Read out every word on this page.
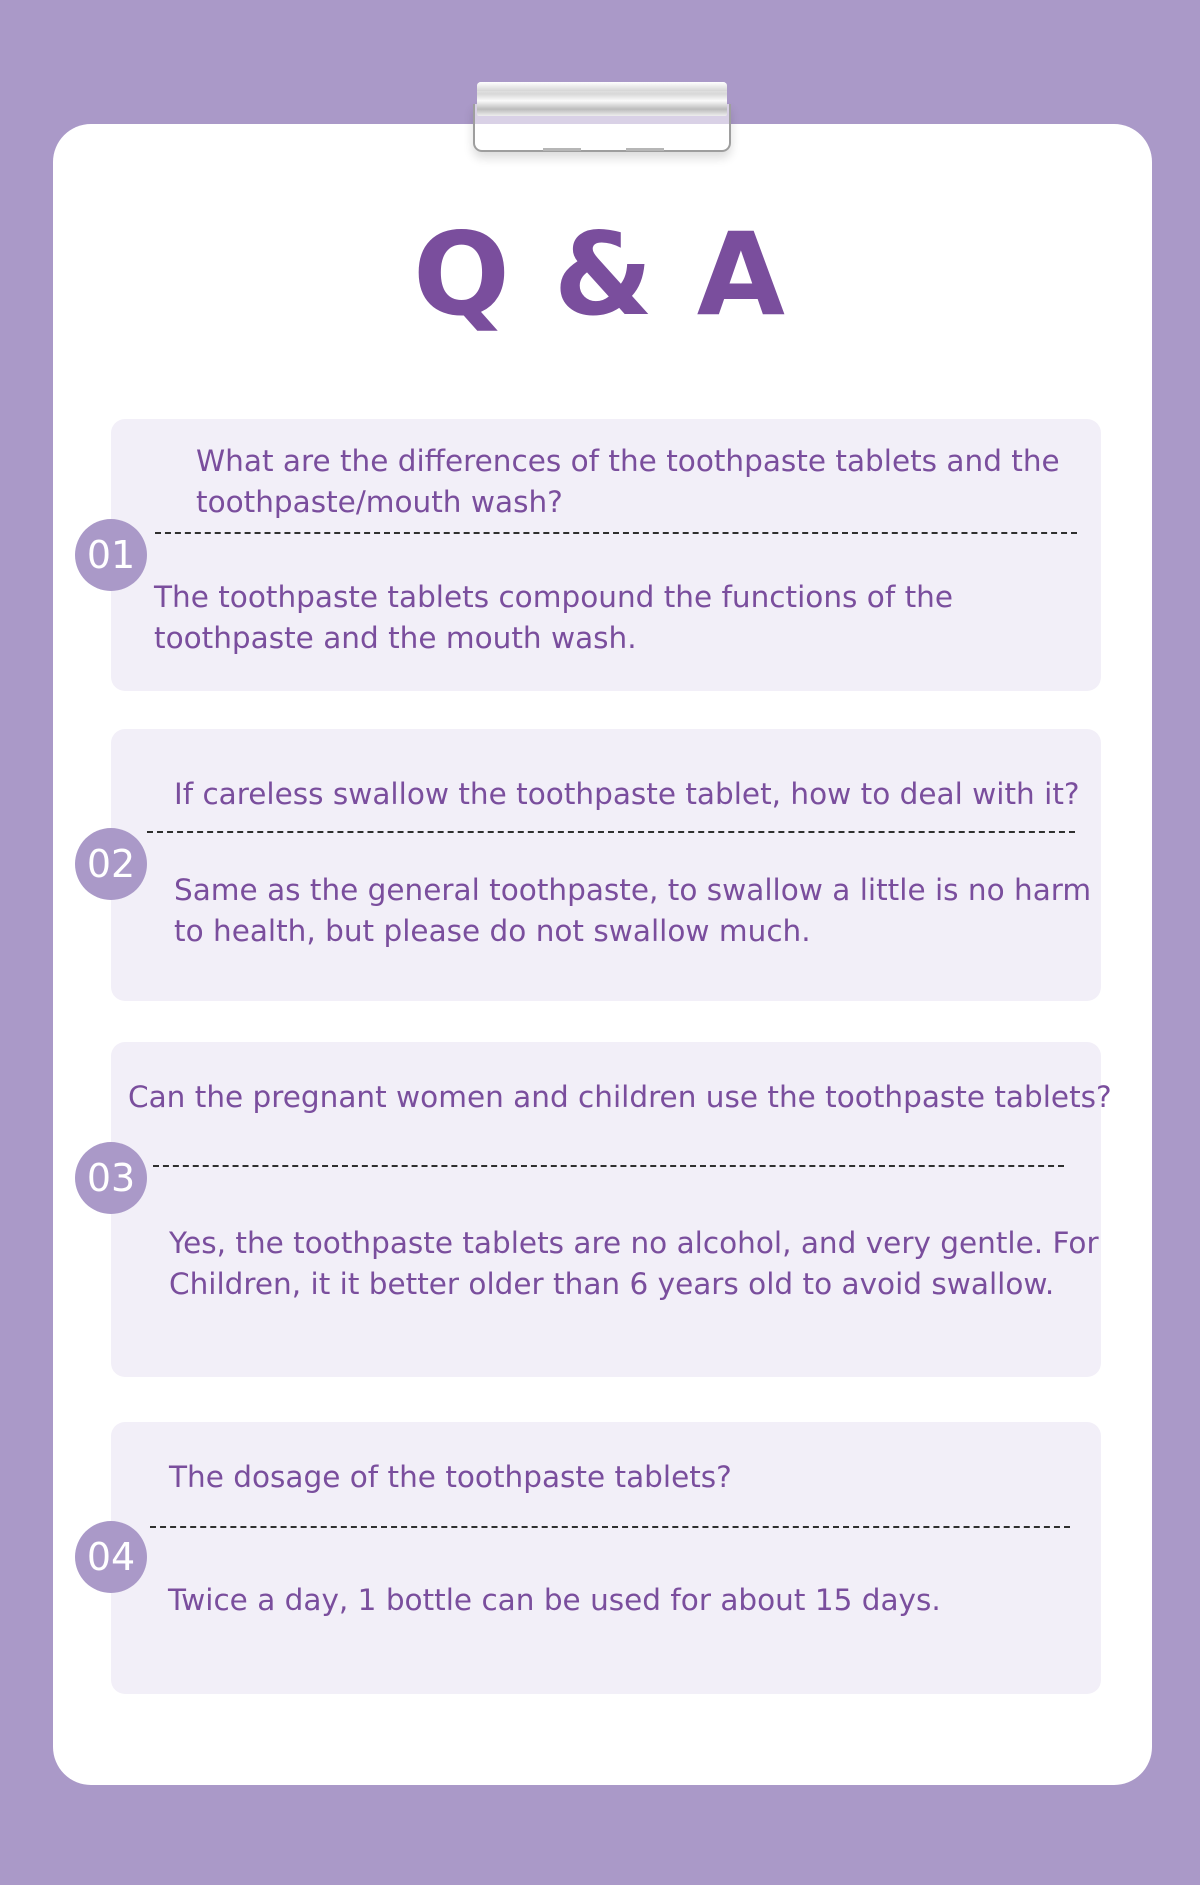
Q & A
01

What are the differences of the toothpaste tablets and the toothpaste/mouth wash?

The toothpaste tablets compound the functions of the toothpaste and the mouth wash.

02

If careless swallow the toothpaste tablet, how to deal with it?

Same as the general toothpaste, to swallow a little is no harm to health, but please do not swallow much.

03

Can the pregnant women and children use the toothpaste tablets?

Yes, the toothpaste tablets are no alcohol, and very gentle. For Children, it it better older than 6 years old to avoid swallow.

04

The dosage of the toothpaste tablets?

Twice a day, 1 bottle can be used for about 15 days.
